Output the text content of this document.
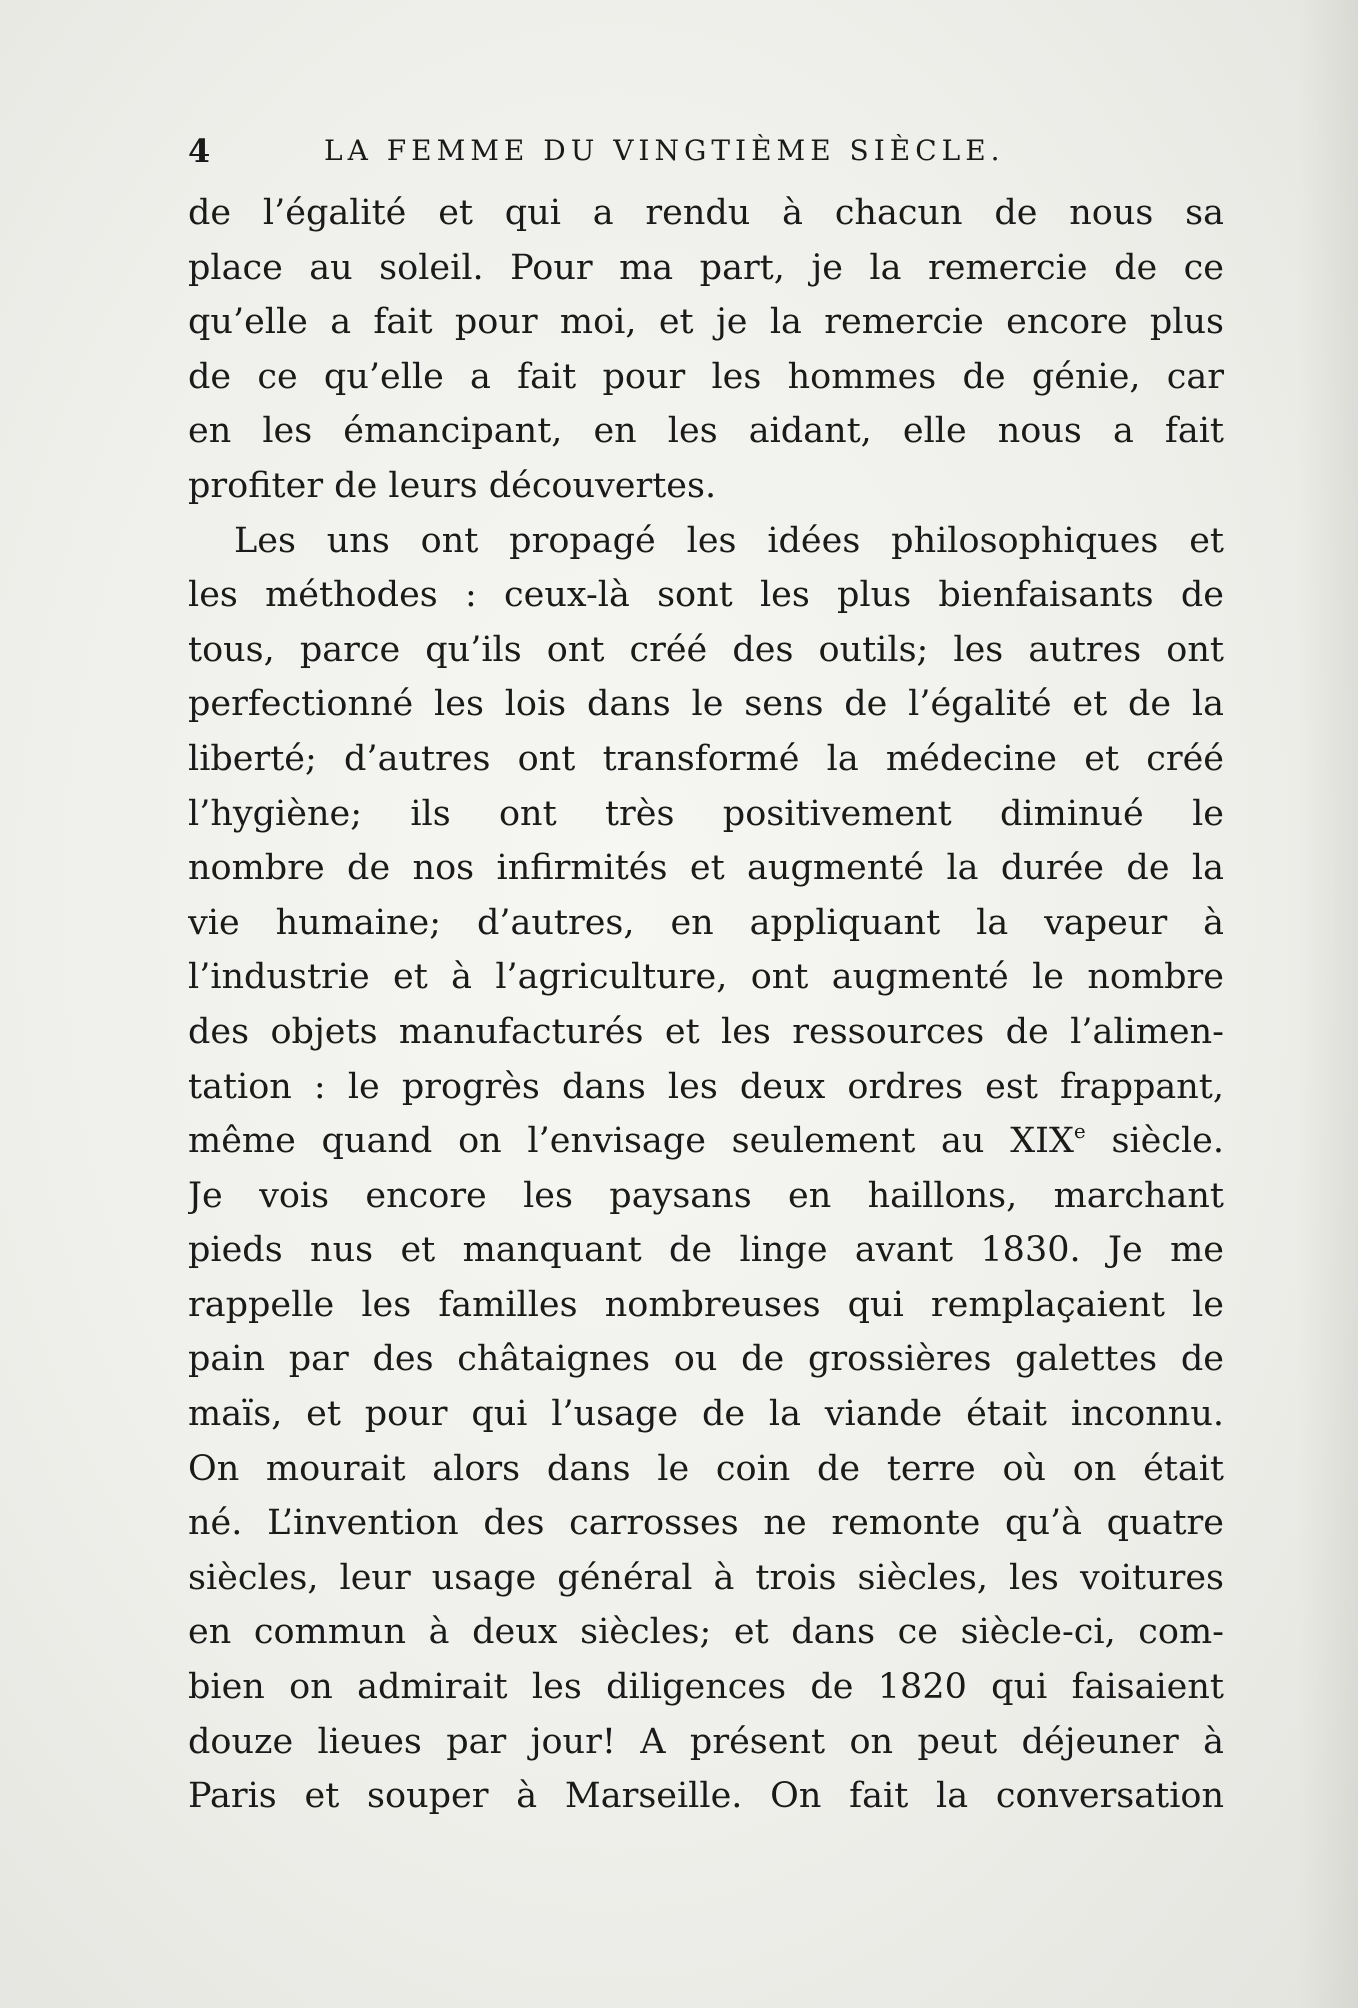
4	LA FEMME DU VINGTIÈME SIÈCLE.
de l’égalité et qui a rendu à chacun de nous sa
place au soleil. Pour ma part, je la remercie de ce
qu’elle a fait pour moi, et je la remercie encore plus
de ce qu’elle a fait pour les hommes de génie, car
en les émancipant, en les aidant, elle nous a fait
profiter de leurs découvertes.
Les uns ont propagé les idées philosophiques et
les méthodes : ceux-là sont les plus bienfaisants de
tous, parce qu’ils ont créé des outils; les autres ont
perfectionné les lois dans le sens de l’égalité et de la
liberté; d’autres ont transformé la médecine et créé
l’hygiène; ils ont très positivement diminué le
nombre de nos infirmités et augmenté la durée de la
vie humaine; d’autres, en appliquant la vapeur à
l’industrie et à l’agriculture, ont augmenté le nombre
des objets manufacturés et les ressources de l’alimen-
tation : le progrès dans les deux ordres est frappant,
même quand on l’envisage seulement au XIXe siècle.
Je vois encore les paysans en haillons, marchant
pieds nus et manquant de linge avant 1830. Je me
rappelle les familles nombreuses qui remplaçaient le
pain par des châtaignes ou de grossières galettes de
maïs, et pour qui l’usage de la viande était inconnu.
On mourait alors dans le coin de terre où on était
né. L’invention des carrosses ne remonte qu’à quatre
siècles, leur usage général à trois siècles, les voitures
en commun à deux siècles; et dans ce siècle-ci, com-
bien on admirait les diligences de 1820 qui faisaient
douze lieues par jour! A présent on peut déjeuner à
Paris et souper à Marseille. On fait la conversation
